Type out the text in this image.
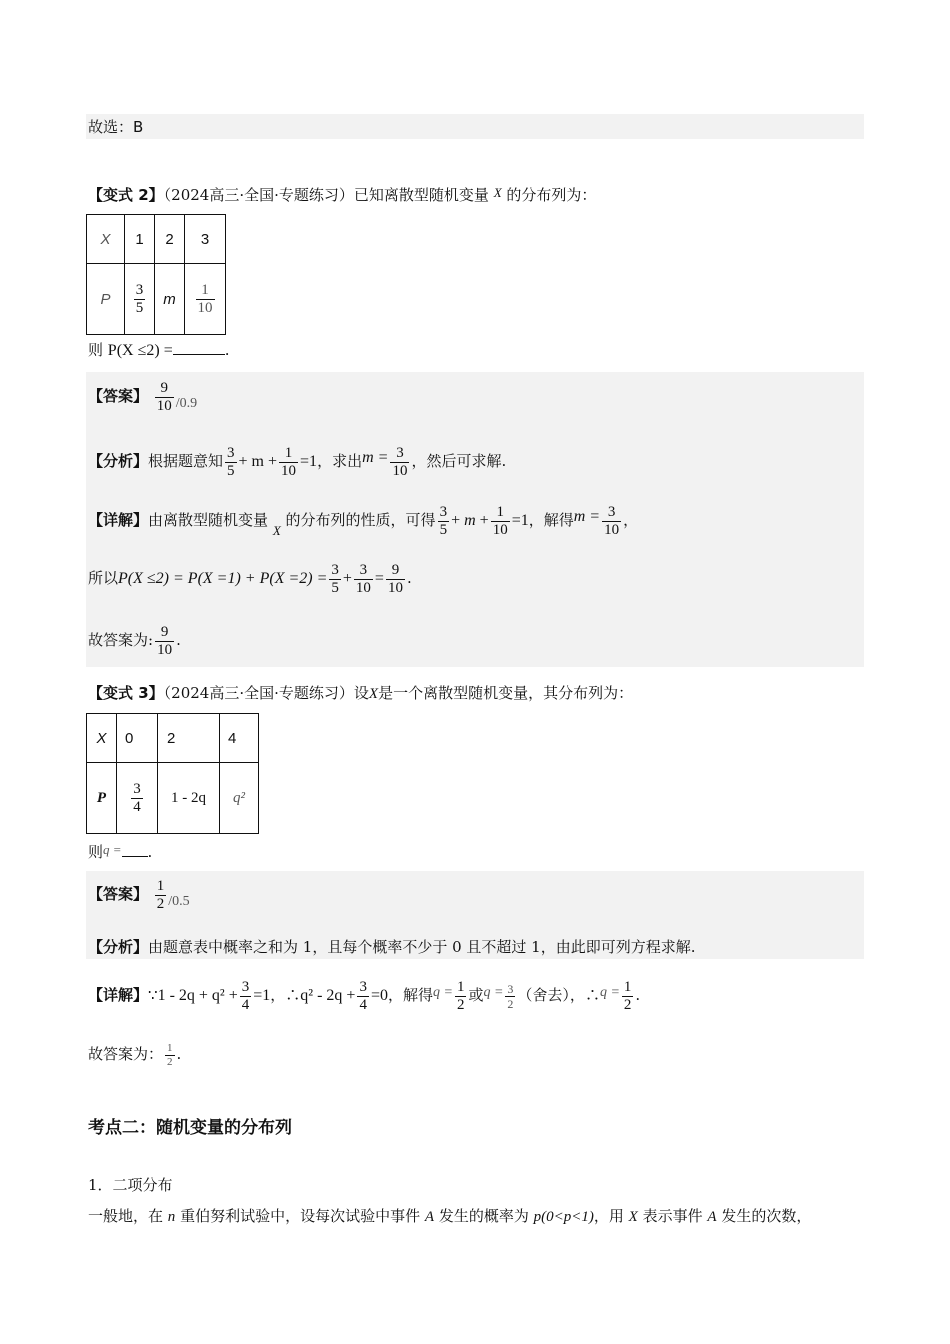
故选：B
【变式 2】（2024高三·全国·专题练习）已知离散型随机变量 X 的分布列为：
X	1	2	3
P	$\frac{3}{5}$	m	$\frac{1}{10}$
则 P(X ≤2) =	.
【答案】 $\frac{9}{10} /0.9$
【分析】根据题意知 $\frac{3}{5} + m + \frac{1}{10} =1$，求出$m = \frac{3}{10}$ ，然后可求解.
【详解】由离散型随机变量 X 的分布列的性质，可得 $\frac{3}{5} + m + \frac{1}{10} =1$，解得$m = \frac{3}{10}$ ，
所以$P(X \le 2) = P(X =1) + P(X =2) = \frac{3}{5} + \frac{3}{10} = \frac{9}{10}$ .
故答案为: $\frac{9}{10}$ .
【变式 3】（2024高三·全国·专题练习）设X是一个离散型随机变量，其分布列为：
X	0	2	4
P	$\frac{3}{4}$	1 - 2q	q²
则q = .
【答案】 $\frac{1}{2} /0.5$
【分析】由题意表中概率之和为 1，且每个概率不少于 0 且不超过 1，由此即可列方程求解.
【详解】∵1 - $2q + q^2 + \frac{3}{4} =1$，∴q² - $2q + \frac{3}{4} =0$，解得$q = \frac{1}{2}$ 或$q = \frac{3}{2}$ （舍去），∴q = $\frac{1}{2}$ .
故答案为： $\frac{1}{2}$ .
考点二：随机变量的分布列
1．二项分布
一般地，在 n 重伯努利试验中，设每次试验中事件 A 发生的概率为 p(0<p<1)，用 X 表示事件 A 发生的次数，
